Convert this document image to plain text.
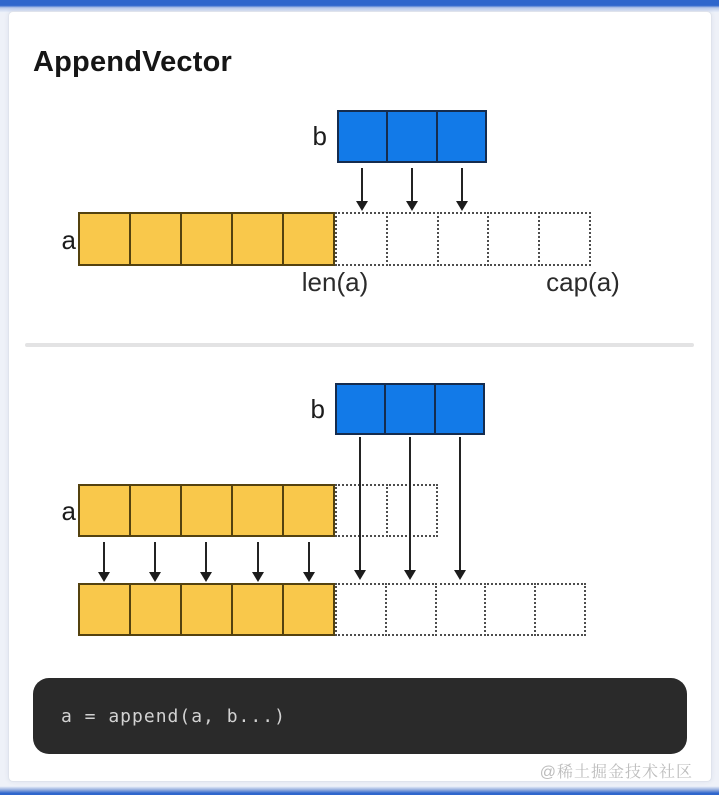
AppendVector
b
a
len(a)	cap(a)
b
a
a = append(a, b...)
@稀土掘金技术社区
